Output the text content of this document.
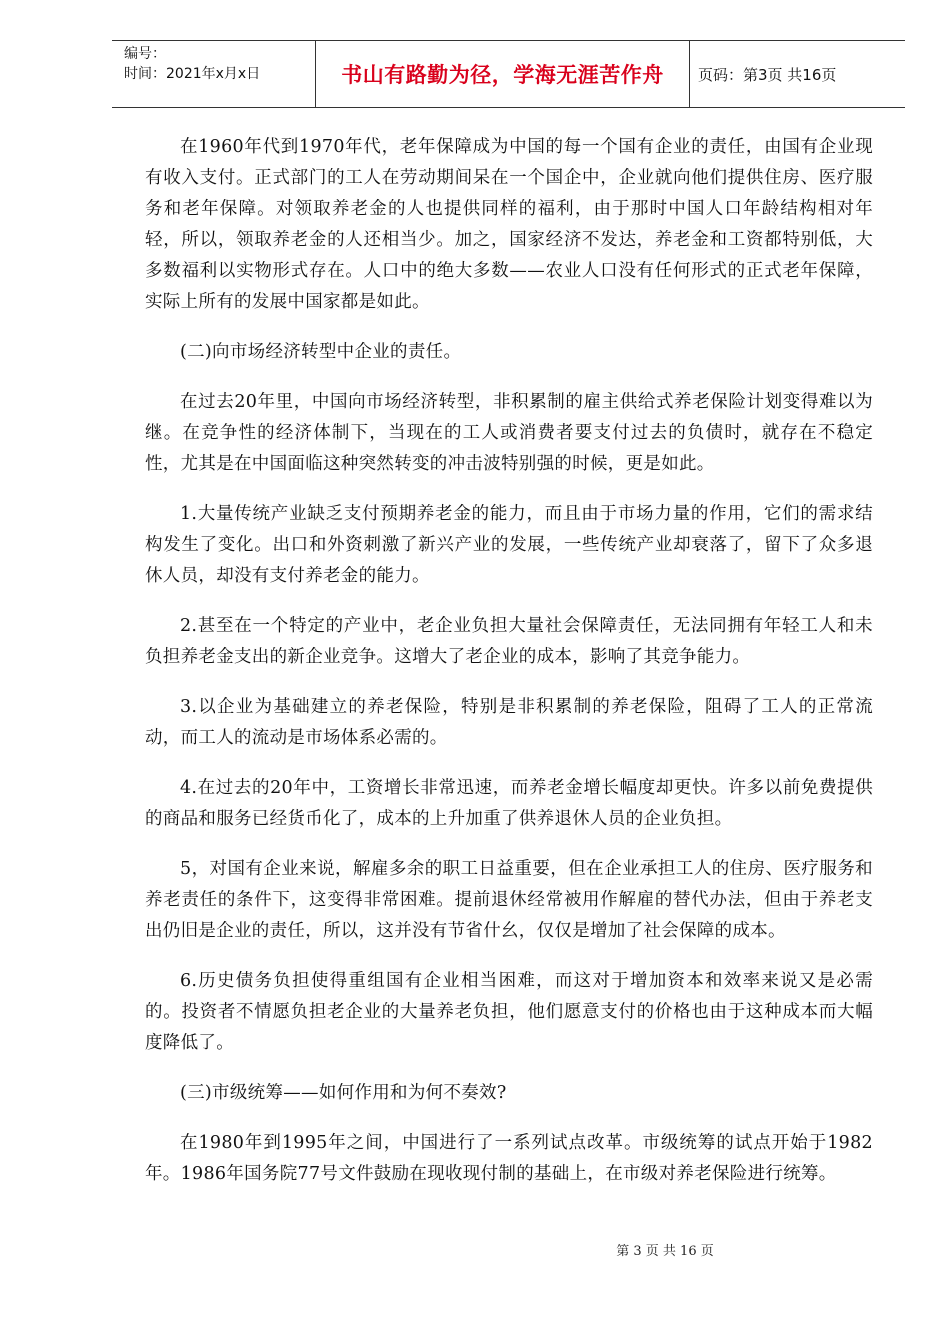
编号：
时间：2021年x月x日	书山有路勤为径，学海无涯苦作舟 页码：第3页 共16页

在1960年代到1970年代，老年保障成为中国的每一个国有企业的责任，由国有企业现有收入支付。正式部门的工人在劳动期间呆在一个国企中，企业就向他们提供住房、医疗服务和老年保障。对领取养老金的人也提供同样的福利，由于那时中国人口年龄结构相对年轻，所以，领取养老金的人还相当少。加之，国家经济不发达，养老金和工资都特别低，大多数福利以实物形式存在。人口中的绝大多数——农业人口没有任何形式的正式老年保障，实际上所有的发展中国家都是如此。

(二)向市场经济转型中企业的责任。

在过去20年里，中国向市场经济转型，非积累制的雇主供给式养老保险计划变得难以为继。在竞争性的经济体制下，当现在的工人或消费者要支付过去的负债时，就存在不稳定性，尤其是在中国面临这种突然转变的冲击波特别强的时候，更是如此。

1.大量传统产业缺乏支付预期养老金的能力，而且由于市场力量的作用，它们的需求结构发生了变化。出口和外资刺激了新兴产业的发展，一些传统产业却衰落了，留下了众多退休人员，却没有支付养老金的能力。

2.甚至在一个特定的产业中，老企业负担大量社会保障责任，无法同拥有年轻工人和未负担养老金支出的新企业竞争。这增大了老企业的成本，影响了其竞争能力。

3.以企业为基础建立的养老保险，特别是非积累制的养老保险，阻碍了工人的正常流动，而工人的流动是市场体系必需的。

4.在过去的20年中，工资增长非常迅速，而养老金增长幅度却更快。许多以前免费提供的商品和服务已经货币化了，成本的上升加重了供养退休人员的企业负担。

5，对国有企业来说，解雇多余的职工日益重要，但在企业承担工人的住房、医疗服务和养老责任的条件下，这变得非常困难。提前退休经常被用作解雇的替代办法，但由于养老支出仍旧是企业的责任，所以，这并没有节省什幺，仅仅是增加了社会保障的成本。

6.历史债务负担使得重组国有企业相当困难，而这对于增加资本和效率来说又是必需的。投资者不情愿负担老企业的大量养老负担，他们愿意支付的价格也由于这种成本而大幅度降低了。

(三)市级统筹——如何作用和为何不奏效?

在1980年到1995年之间，中国进行了一系列试点改革。市级统筹的试点开始于1982年。1986年国务院77号文件鼓励在现收现付制的基础上，在市级对养老保险进行统筹。

第 3 页 共 16 页
